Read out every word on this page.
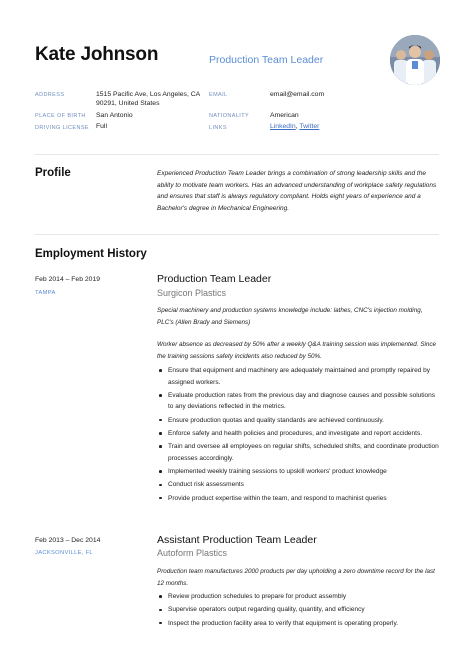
Kate Johnson	Production Team Leader
ADDRESS	1515 Pacific Ave, Los Angeles, CA
90291, United States
EMAIL	email@email.com
PLACE OF BIRTH San Antonio	NATIONALITY	American
DRIVING LICENSE Full	LINKS	LinkedIn, Twitter
Profile	Experienced Production Team Leader brings a combination of strong leadership skills and the ability to motivate team workers. Has an advanced understanding of workplace safety regulations and ensures that staff is always regulatory compliant. Holds eight years of experience and a Bachelor's degree in Mechanical Engineering.
Employment History
Feb 2014 – Feb 2019
TAMPA
Production Team Leader
Surgicon Plastics
Special machinery and production systems knowledge include: lathes, CNC's injection molding, PLC's (Allen Brady and Siemens)
Worker absence as decreased by 50% after a weekly Q&A training session was implemented. Since the training sessions safety incidents also reduced by 50%.
Ensure that equipment and machinery are adequately maintained and promptly repaired by assigned workers.
Evaluate production rates from the previous day and diagnose causes and possible solutions to any deviations reflected in the metrics.
Ensure production quotas and quality standards are achieved continuously.
Enforce safety and health policies and procedures, and investigate and report accidents.
Train and oversee all employees on regular shifts, scheduled shifts, and coordinate production processes accordingly.
Implemented weekly training sessions to upskill workers' product knowledge
Conduct risk assessments
Provide product expertise within the team, and respond to machinist queries
Feb 2013 – Dec 2014
JACKSONVILLE, FL
Assistant Production Team Leader
Autoform Plastics
Production team manufactures 2000 products per day upholding a zero downtime record for the last 12 months.
Review production schedules to prepare for product assembly
Supervise operators output regarding quality, quantity, and efficiency
Inspect the production facility area to verify that equipment is operating properly.
